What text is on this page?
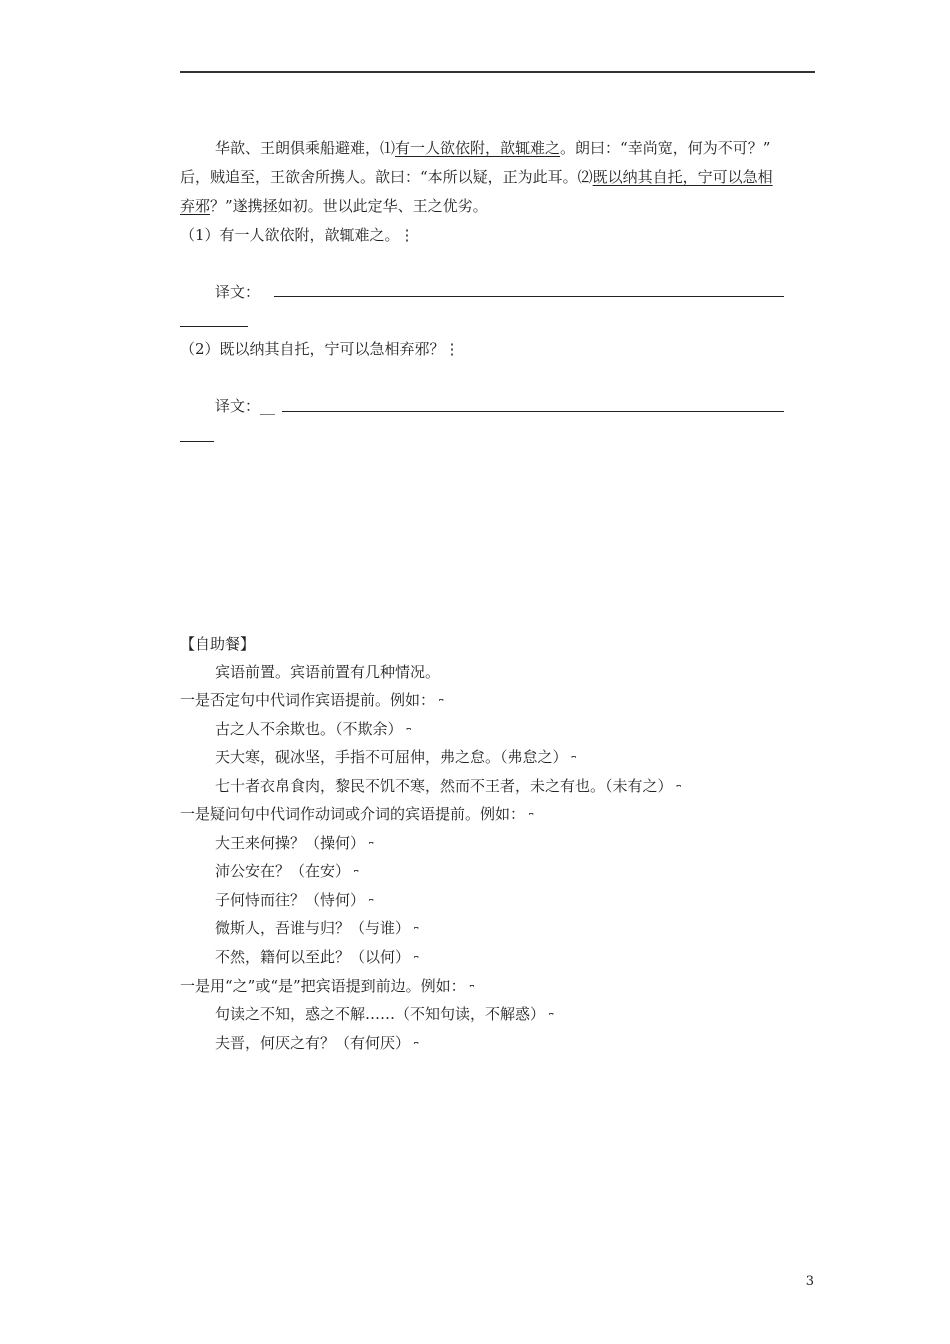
华歆、王朗俱乘船避难，⑴有一人欲依附，歆辄难之。朗曰：“幸尚宽，何为不可？”
后，贼追至，王欲舍所携人。歆曰：“本所以疑，正为此耳。⑵既以纳其自托，宁可以急相
弃邪？”遂携拯如初。世以此定华、王之优劣。
（1）有一人欲依附，歆辄难之。⋮
译文：
（2）既以纳其自托，宁可以急相弃邪？⋮
译文：__
【自助餐】
宾语前置。宾语前置有几种情况。
一是否定句中代词作宾语提前。例如： $_⎴$
古之人不余欺也。（不欺余） $_⎴$
天大寒，砚冰坚，手指不可屈伸，弗之怠。（弗怠之） $_⎴$
七十者衣帛食肉，黎民不饥不寒，然而不王者，未之有也。（未有之） $_⎴$
一是疑问句中代词作动词或介词的宾语提前。例如： $_⎴$
大王来何操？（操何） $_⎴$
沛公安在？（在安） $_⎴$
子何恃而往？（恃何） $_⎴$
微斯人，吾谁与归？（与谁） $_⎴$
不然，籍何以至此？（以何） $_⎴$
一是用“之”或“是”把宾语提到前边。例如： $_⎴$
句读之不知，惑之不解……（不知句读，不解惑） $_⎴$
夫晋，何厌之有？（有何厌） $_⎴$
3
